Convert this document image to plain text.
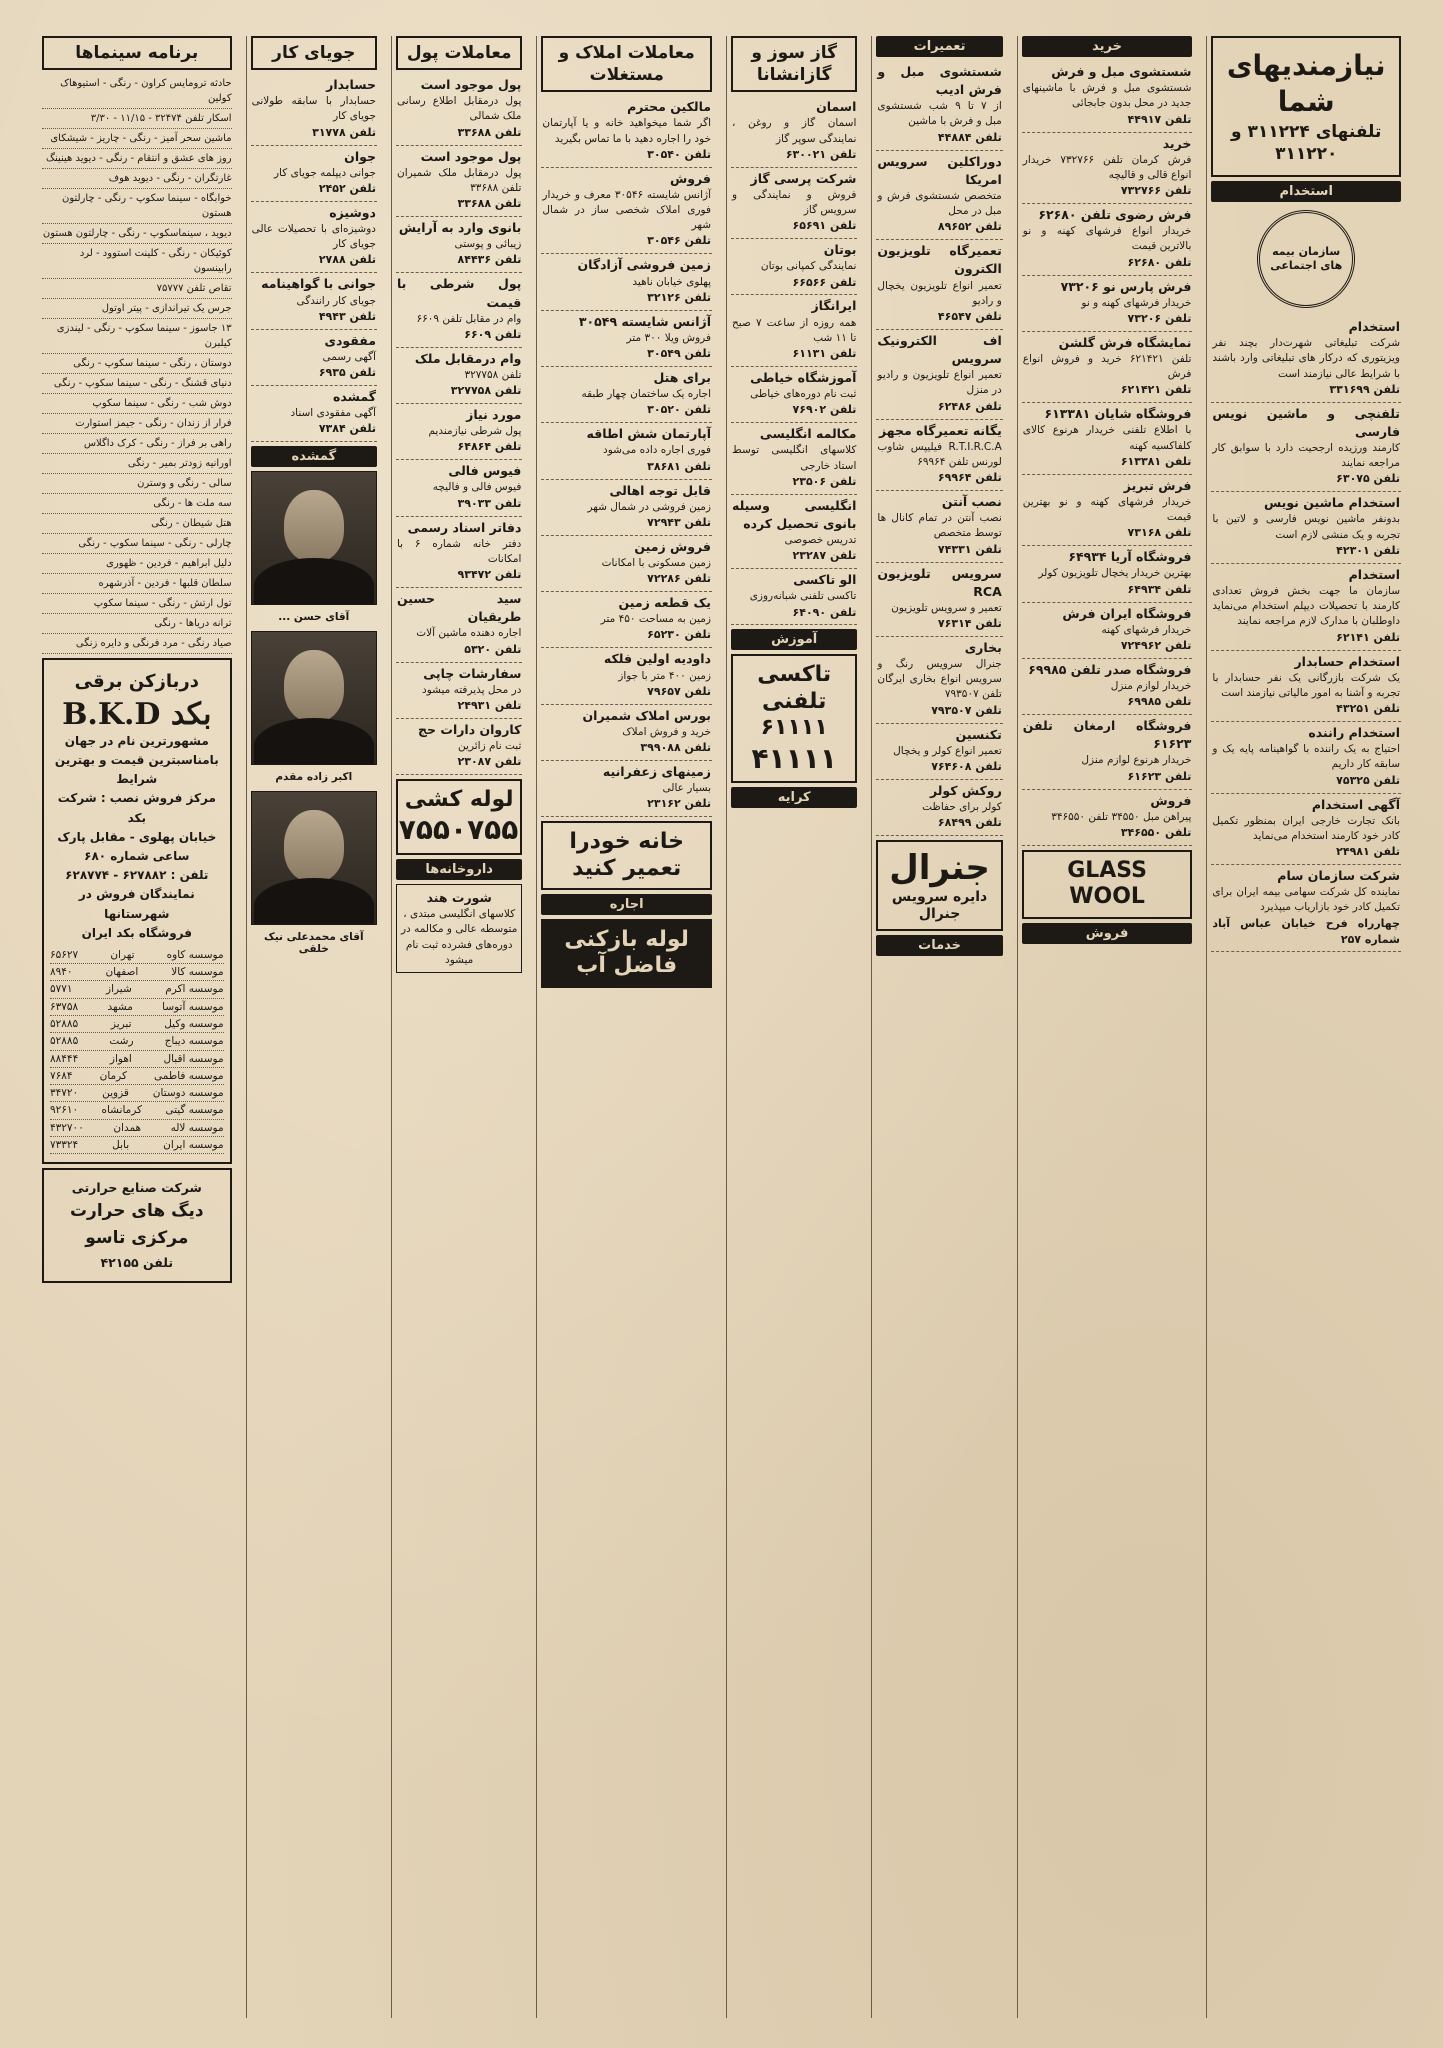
نیازمندیهای شما
تلفنهای ۳۱۱۲۲۴ و ۳۱۱۲۲۰
استخدام
سازمان بیمه های اجتماعی
استخدام
شرکت تبلیغاتی شهرت‌دار بچند نفر ویزیتوری که درکار های تبلیغاتی وارد باشند با شرایط عالی نیازمند است
تلفن ۳۳۱۶۹۹
تلفنچی و ماشین نویس فارسی
کارمند ورزیده ارجحیت دارد با سوابق کار مراجعه نمایند
تلفن ۶۳۰۷۵
استخدام ماشین نویس
بدونفر ماشین نویس فارسی و لاتین با تجربه و یک منشی لازم است
تلفن ۴۲۳۰۱
استخدام
سازمان ما جهت بخش فروش تعدادی کارمند با تحصیلات دیپلم استخدام می‌نماید داوطلبان با مدارک لازم مراجعه نمایند
تلفن ۶۲۱۴۱
استخدام حسابدار
یک شرکت بازرگانی یک نفر حسابدار با تجربه و آشنا به امور مالیاتی نیازمند است
تلفن ۴۳۲۵۱
استخدام راننده
احتیاج به یک راننده با گواهینامه پایه یک و سابقه کار داریم
تلفن ۷۵۳۲۵
آگهی استخدام
بانک تجارت خارجی ایران بمنظور تکمیل کادر خود کارمند استخدام می‌نماید
تلفن ۲۴۹۸۱
شرکت سازمان سام
نماینده کل شرکت سهامی بیمه ایران برای تکمیل کادر خود بازاریاب میپذیرد
چهارراه فرح خیابان عباس آباد شماره ۲۵۷
خرید
شستشوی مبل و فرش
شستشوی مبل و فرش با ماشینهای جدید در محل بدون جابجائی
تلفن ۴۴۹۱۷
خرید
فرش کرمان تلفن ۷۳۲۷۶۶ خریدار انواع قالی و قالیچه
تلفن ۷۳۲۷۶۶
فرش رضوی تلفن ۶۲۶۸۰
خریدار انواع فرشهای کهنه و نو بالاترین قیمت
تلفن ۶۲۶۸۰
فرش پارس نو ۷۳۲۰۶
خریدار فرشهای کهنه و نو
تلفن ۷۳۲۰۶
نمایشگاه فرش گلشن
تلفن ۶۲۱۴۲۱ خرید و فروش انواع فرش
تلفن ۶۲۱۴۲۱
فروشگاه شایان ۶۱۳۳۸۱
با اطلاع تلفنی خریدار هرنوع کالای کلفاکسیه کهنه
تلفن ۶۱۳۳۸۱
فرش تبریز
خریدار فرشهای کهنه و نو بهترین قیمت
تلفن ۷۳۱۶۸
فروشگاه آریا ۶۴۹۳۴
بهترین خریدار یخچال تلویزیون کولر
تلفن ۶۴۹۳۴
فروشگاه ایران فرش
خریدار فرشهای کهنه
تلفن ۷۲۴۹۶۲
فروشگاه صدر تلفن ۶۹۹۸۵
خریدار لوازم منزل
تلفن ۶۹۹۸۵
فروشگاه ارمغان تلفن ۶۱۶۲۳
خریدار هرنوع لوازم منزل
تلفن ۶۱۶۲۳
فروش
پیراهن مبل ۳۴۵۵۰ تلفن ۳۴۶۵۵۰
تلفن ۳۴۶۵۵۰
GLASS WOOL
فروش
تعمیرات
شستشوی مبل و فرش ادیب
از ۷ تا ۹ شب شستشوی مبل و فرش با ماشین
تلفن ۴۴۸۸۴
دوراکلین سرویس امریکا
متخصص شستشوی فرش و مبل در محل
تلفن ۸۹۶۵۲
تعمیرگاه تلویزیون الکترون
تعمیر انواع تلویزیون یخچال و رادیو
تلفن ۴۶۵۴۷
اف الکترونیک سرویس
تعمیر انواع تلویزیون و رادیو در منزل
تلفن ۶۲۴۸۶
یگانه تعمیرگاه مجهز
R.T.I.R.C.A فیلیپس شاوب لورنس تلفن ۶۹۹۶۴
تلفن ۶۹۹۶۴
نصب آنتن
نصب آنتن در تمام کانال ها توسط متخصص
تلفن ۷۴۳۳۱
سرویس تلویزیون RCA
تعمیر و سرویس تلویزیون
تلفن ۷۶۳۱۴
بخاری
جنرال سرویس رنگ و سرویس انواع بخاری ایرگان تلفن ۷۹۳۵۰۷
تلفن ۷۹۳۵۰۷
تکنسین
تعمیر انواع کولر و یخچال
تلفن ۷۶۴۶۰۸
روکش کولر
کولر برای حفاظت
تلفن ۶۸۴۹۹
جنرال
دایره سرویس جنرال
خدمات
گاز سوز و گازانشانا
اسمان
اسمان گاز و روغن ، نمایندگی سوپر گاز
تلفن ۶۳۰۰۲۱
شرکت پرسی گاز
فروش و نمایندگی و سرویس گاز
تلفن ۶۵۶۹۱
بوتان
نمایندگی کمپانی بوتان
تلفن ۶۶۵۶۶
ایرانگاز
همه روزه از ساعت ۷ صبح تا ۱۱ شب
تلفن ۶۱۱۳۱
آموزشگاه خیاطی
ثبت نام دوره‌های خیاطی
تلفن ۷۶۹۰۲
مکالمه انگلیسی
کلاسهای انگلیسی توسط استاد خارجی
تلفن ۲۳۵۰۶
انگلیسی وسیله بانوی تحصیل کرده
تدریس خصوصی
تلفن ۲۳۲۸۷
الو تاکسی
تاکسی تلفنی شبانه‌روزی
تلفن ۶۴۰۹۰
آموزش
تاکسی تلفنی ۶۱۱۱۱
۴۱۱۱۱
کرایه
معاملات املاک و مستغلات
مالکین محترم
اگر شما میخواهید خانه و یا آپارتمان خود را اجاره دهید با ما تماس بگیرید
تلفن ۳۰۵۴۰
فروش
آژانس شایسته ۳۰۵۴۶ معرف و خریدار فوری املاک شخصی ساز در شمال شهر
تلفن ۳۰۵۴۶
زمین فروشی آزادگان
پهلوی خیابان ناهید
تلفن ۳۲۱۲۶
آژانس شایسته ۳۰۵۴۹
فروش ویلا ۳۰۰ متر
تلفن ۳۰۵۴۹
برای هتل
اجاره یک ساختمان چهار طبقه
تلفن ۳۰۵۲۰
آپارتمان شش اطاقه
فوری اجاره داده می‌شود
تلفن ۳۸۶۸۱
قابل توجه اهالی
زمین فروشی در شمال شهر
تلفن ۷۲۹۴۳
فروش زمین
زمین مسکونی با امکانات
تلفن ۷۲۲۸۶
یک قطعه زمین
زمین به مساحت ۴۵۰ متر
تلفن ۶۵۲۳۰
داودیه اولین فلکه
زمین ۴۰۰ متر با جواز
تلفن ۷۹۶۵۷
بورس املاک شمیران
خرید و فروش املاک
تلفن ۳۹۹۰۸۸
زمینهای زعفرانیه
بسیار عالی
تلفن ۲۳۱۶۲
خانه خودرا تعمیر کنید
اجاره
لوله بازکنی فاضل آب
معاملات پول
پول موجود است
پول درمقابل اطلاع رسانی ملک شمالی
تلفن ۳۳۶۸۸
پول موجود است
پول درمقابل ملک شمیران تلفن ۳۳۶۸۸
تلفن ۳۳۶۸۸
بانوی وارد به آرایش
زیبائی و پوستی
تلفن ۸۴۴۳۶
پول شرطی با قیمت
وام در مقابل تلفن ۶۶۰۹
تلفن ۶۶۰۹
وام درمقابل ملک
تلفن ۳۲۷۷۵۸
تلفن ۳۲۷۷۵۸
مورد نیاز
پول شرطی نیازمندیم
تلفن ۶۴۸۶۴
فیوس فالی
فیوس فالی و فالیچه
تلفن ۳۹۰۳۳
دفاتر اسناد رسمی
دفتر خانه شماره ۶ با امکانات
تلفن ۹۳۴۷۲
سید حسین طریقیان
اجاره دهنده ماشین آلات
تلفن ۵۳۲۰
سفارشات چاپی
در محل پذیرفته میشود
تلفن ۲۴۹۳۱
کاروان دارات حج
ثبت نام زائرین
تلفن ۲۳۰۸۷
لوله کشی
۷۵۵۰۷۵۵
داروخانه‌ها
شورت هند
کلاسهای انگلیسی مبتدی ، متوسطه عالی و مکالمه در دوره‌های فشرده ثبت نام میشود
جویای کار
حسابدار
حسابدار با سابقه طولانی جویای کار
تلفن ۳۱۷۷۸
جوان
جوانی دیپلمه جویای کار
تلفن ۲۴۵۲
دوشیزه
دوشیزه‌ای با تحصیلات عالی جویای کار
تلفن ۲۷۸۸
جوانی با گواهینامه
جویای کار رانندگی
تلفن ۴۹۴۳
مفقودی
آگهی رسمی
تلفن ۶۹۳۵
گمشده
آگهی مفقودی اسناد
تلفن ۷۳۸۴
گمشده
آقای حسن ...
اکبر زاده مقدم
آقای محمدعلی نیک خلقی
برنامه سینماها
حادثه ترومایس کراون - رنگی - استیوهاک کولین
اسکار تلفن ۳۲۴۷۴ - ۱۱/۱۵ - ۳/۳۰
ماشین سحر آمیز - رنگی - چاریز - شیشکای
روز های عشق و انتقام - رنگی - دیوید هینینگ
غارتگران - رنگی - دیوید هوف
خوابگاه - سینما سکوپ - رنگی - چارلتون هستون
دیوید ، سینماسکوپ - رنگی - چارلتون هستون
کوئیکان - رنگی - کلینت استوود - لرد رابینسون
تقاص تلفن ۷۵۷۷۷
جرس یک تیراندازی - پیتر اوتول
۱۳ جاسوز - سینما سکوپ - رنگی - لیندزی کیلبرن
دوستان ، رنگی - سینما سکوپ - رنگی
دنیای قشنگ - رنگی - سینما سکوپ - رنگی
دوش شب - رنگی - سینما سکوپ
فرار از زندان - رنگی - جیمز استوارت
راهی بر فراز - رنگی - کرک داگلاس
اورانیه زودتر بمیر - رنگی
سالی - رنگی و وسترن
سه ملت ها - رنگی
هتل شیطان - رنگی
چارلی - رنگی - سینما سکوپ - رنگی
دلیل ابراهیم - فردین - ظهوری
سلطان قلبها - فردین - آذرشهره
تول ارتش - رنگی - سینما سکوپ
ترانه دریاها - رنگی
صیاد رنگی - مرد فرنگی و دایره زنگی
دربازکن برقی
B.K.D بکد
مشهورترین نام در جهان
بامناسبترین قیمت و بهترین شرایط
مرکز فروش نصب : شرکت بکد
خیابان پهلوی - مقابل پارک ساعی شماره ۶۸۰
تلفن : ۶۲۷۸۸۲ - ۶۲۸۷۷۴
نمایندگان فروش در شهرستانها
فروشگاه بکد ایران
موسسه کاوه
تهران
۶۵۶۲۷
موسسه کالا
اصفهان
۸۹۴۰
موسسه اکرم
شیراز
۵۷۷۱
موسسه آتوسا
مشهد
۶۳۷۵۸
موسسه وکیل
تبریز
۵۲۸۸۵
موسسه دیباج
رشت
۵۲۸۸۵
موسسه اقبال
اهواز
۸۸۴۴۴
موسسه فاطمی
کرمان
۷۶۸۴
موسسه دوستان
قزوین
۳۴۷۲۰
موسسه گیتی
کرمانشاه
۹۲۶۱۰
موسسه لاله
همدان
۴۳۲۷۰۰
موسسه ایران
بابل
۷۳۳۲۴
شرکت صنایع حرارتی
دیگ های حرارت مرکزی تاسو
تلفن ۴۲۱۵۵
